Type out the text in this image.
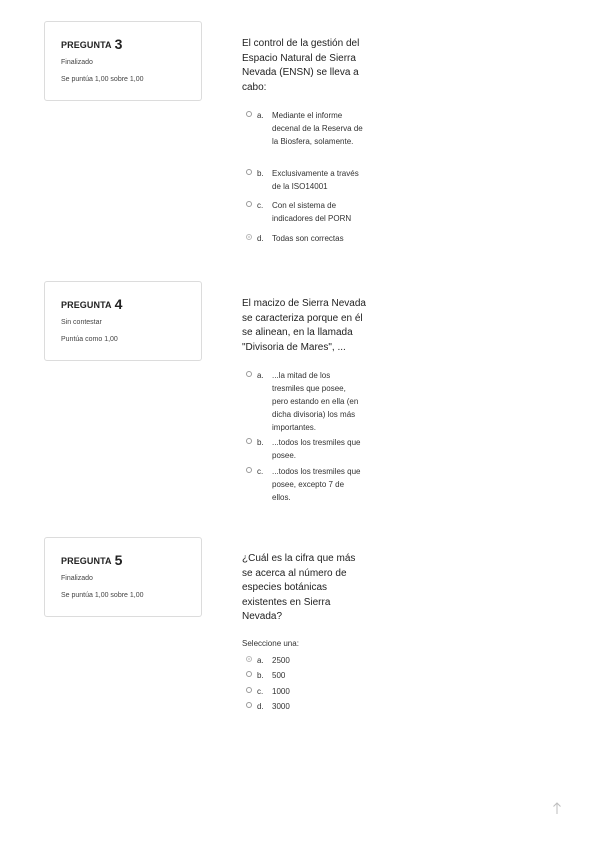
PREGUNTA 3
Finalizado
Se puntúa 1,00 sobre 1,00
El control de la gestión del Espacio Natural de Sierra Nevada (ENSN) se lleva a cabo:
a.	Mediante el informe decenal de la Reserva de la Biosfera, solamente.
b.	Exclusivamente a través de la ISO14001
c.	Con el sistema de indicadores del PORN
d.	Todas son correctas
PREGUNTA 4
Sin contestar
Puntúa como 1,00
El macizo de Sierra Nevada se caracteriza porque en él se alinean, en la llamada "Divisoria de Mares", ...
a.	...la mitad de los tresmiles que posee, pero estando en ella (en dicha divisoria) los más importantes.
b.	...todos los tresmiles que posee.
c.	...todos los tresmiles que posee, excepto 7 de ellos.
PREGUNTA 5
Finalizado
Se puntúa 1,00 sobre 1,00
¿Cuál es la cifra que más se acerca al número de especies botánicas existentes en Sierra Nevada?
Seleccione una:
a.	2500
b.	500
c.	1000
d.	3000
